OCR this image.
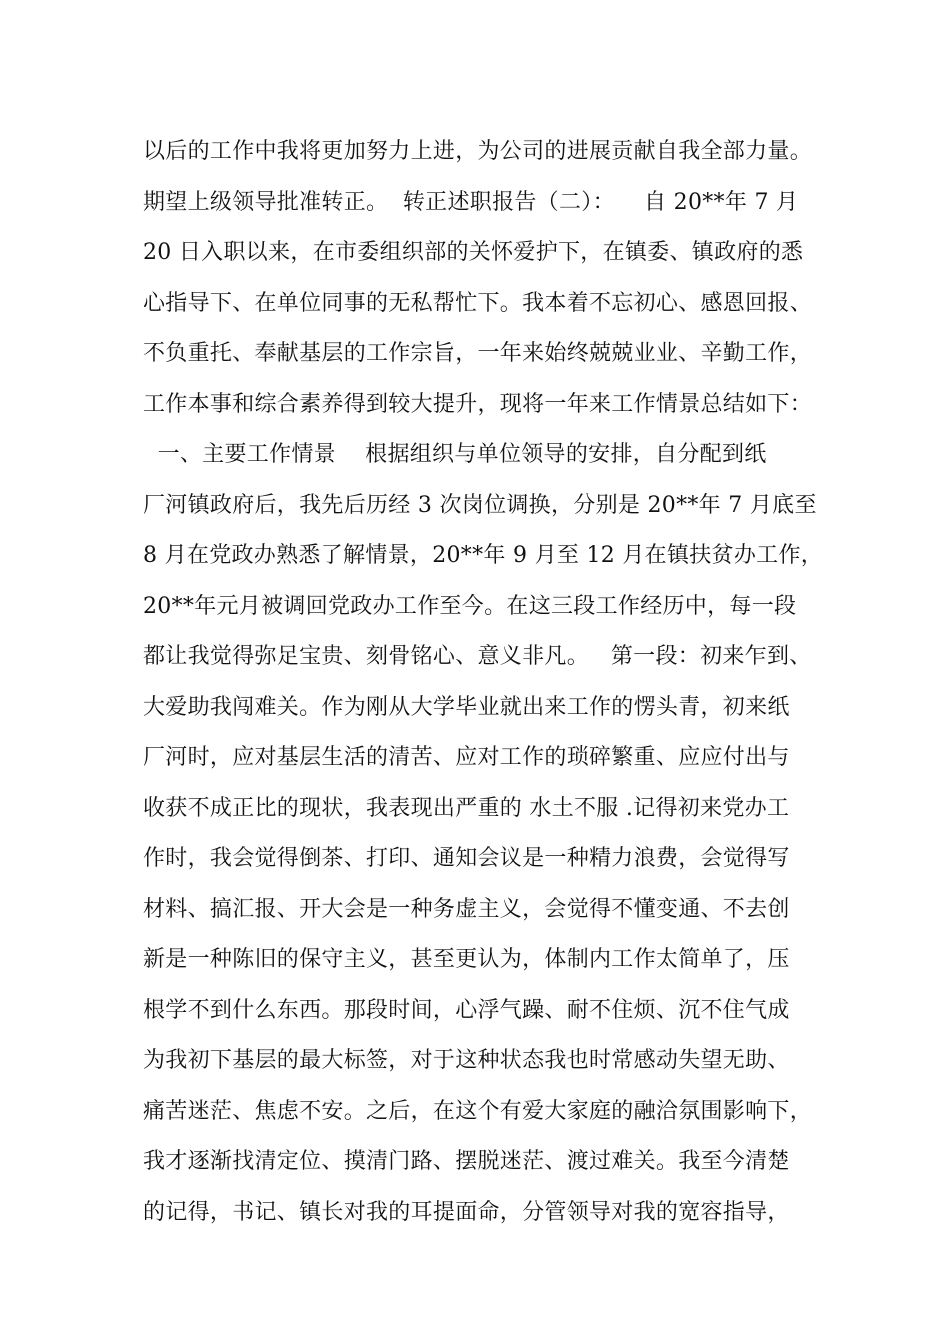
以后的工作中我将更加努力上进，为公司的进展贡献自我全部力量。
期望上级领导批准转正。  转正述职报告（二）：    自 20**年 7 月
20 日入职以来，在市委组织部的关怀爱护下，在镇委、镇政府的悉
心指导下、在单位同事的无私帮忙下。我本着不忘初心、感恩回报、
不负重托、奉献基层的工作宗旨，一年来始终兢兢业业、辛勤工作，
工作本事和综合素养得到较大提升，现将一年来工作情景总结如下：
一、主要工作情景    根据组织与单位领导的安排，自分配到纸
厂河镇政府后，我先后历经 3 次岗位调换，分别是 20**年 7 月底至
8 月在党政办熟悉了解情景，20**年 9 月至 12 月在镇扶贫办工作，
20**年元月被调回党政办工作至今。在这三段工作经历中，每一段
都让我觉得弥足宝贵、刻骨铭心、意义非凡。   第一段：初来乍到、
大爱助我闯难关。作为刚从大学毕业就出来工作的愣头青，初来纸
厂河时，应对基层生活的清苦、应对工作的琐碎繁重、应应付出与
收获不成正比的现状，我表现出严重的 水土不服 .记得初来党办工
作时，我会觉得倒茶、打印、通知会议是一种精力浪费，会觉得写
材料、搞汇报、开大会是一种务虚主义，会觉得不懂变通、不去创
新是一种陈旧的保守主义，甚至更认为，体制内工作太简单了，压
根学不到什么东西。那段时间，心浮气躁、耐不住烦、沉不住气成
为我初下基层的最大标签，对于这种状态我也时常感动失望无助、
痛苦迷茫、焦虑不安。之后，在这个有爱大家庭的融洽氛围影响下，
我才逐渐找清定位、摸清门路、摆脱迷茫、渡过难关。我至今清楚
的记得，书记、镇长对我的耳提面命，分管领导对我的宽容指导，
